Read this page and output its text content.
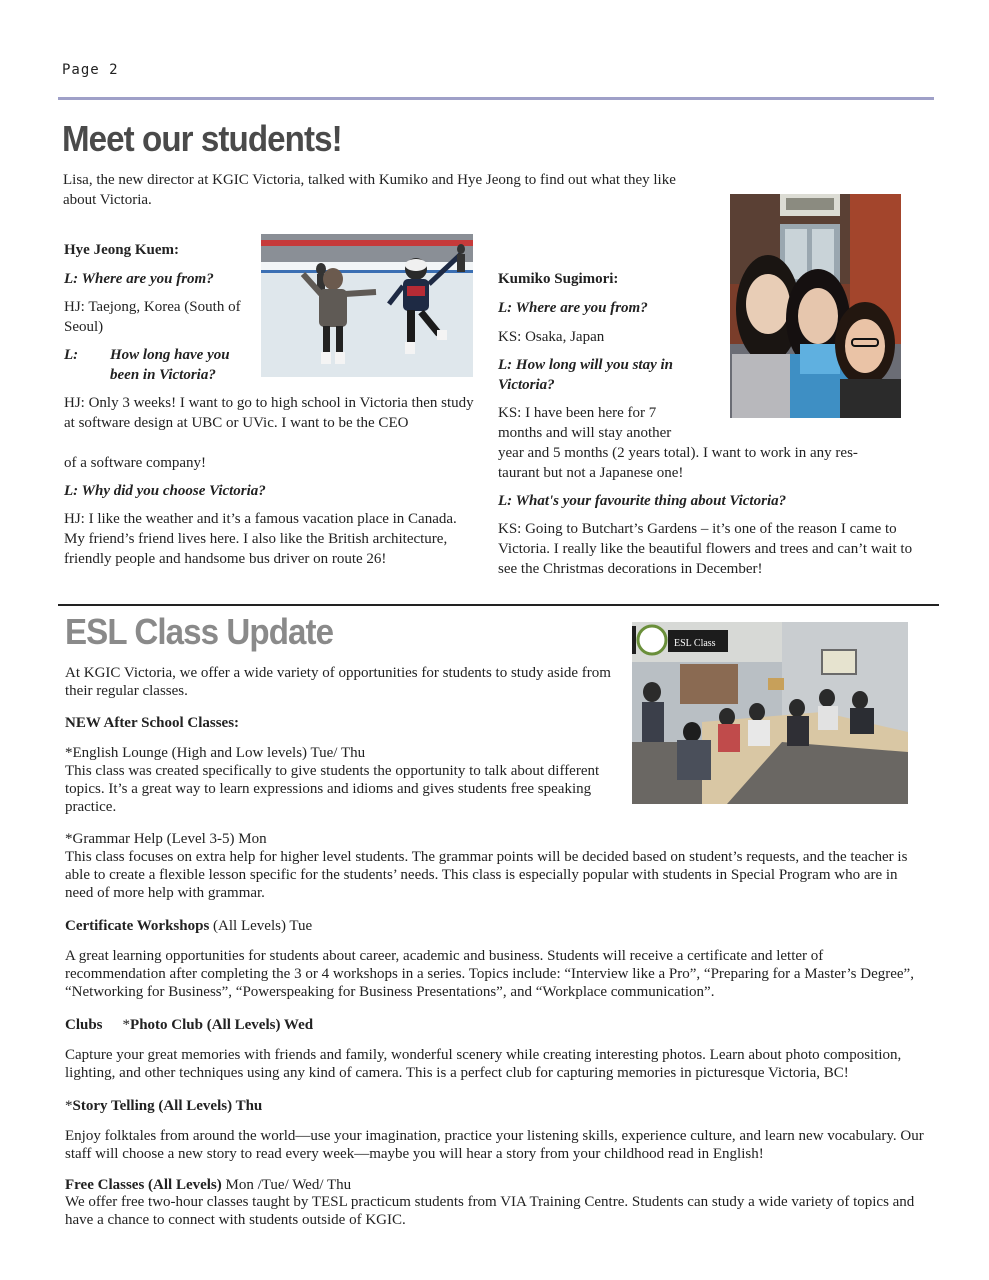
Page 2
Meet our students!

Lisa, the new director at KGIC Victoria, talked with Kumiko and Hye Jeong to find out what they like about Victoria.

Hye Jeong Kuem:

L: Where are you from?

HJ: Taejong, Korea (South of Seoul)

L: How long have you
been in Victoria?

HJ: Only 3 weeks! I want to go to high school in Victoria then study at software design at UBC or UVic. I want to be the CEO

of a software company!

L: Why did you choose Victoria?

HJ: I like the weather and it’s a famous vacation place in Canada. My friend’s friend lives here. I also like the British architecture, friendly people and handsome bus driver on route 26!

Kumiko Sugimori:

L: Where are you from?

KS: Osaka, Japan

L: How long will you stay in Victoria?

KS: I have been here for 7

months and will stay another

year and 5 months (2 years total). I want to work in any res-

taurant but not a Japanese one!

L: What's your favourite thing about Victoria?

KS: Going to Butchart’s Gardens – it’s one of the reason I came to Victoria. I really like the beautiful flowers and trees and can’t wait to see the Christmas decorations in December!

ESL Class Update	ESL Class

At KGIC Victoria, we offer a wide variety of opportunities for students to study aside from their regular classes.

NEW After School Classes:

*English Lounge (High and Low levels) Tue/ Thu

This class was created specifically to give students the opportunity to talk about different topics. It’s a great way to learn expressions and idioms and gives students free speaking practice.

*Grammar Help (Level 3-5) Mon

This class focuses on extra help for higher level students. The grammar points will be decided based on student’s requests, and the teacher is able to create a flexible lesson specific for the students’ needs. This class is especially popular with students in Special Program who are in need of more help with grammar.

Certificate Workshops (All Levels) Tue

A great learning opportunities for students about career, academic and business. Students will receive a certificate and letter of recommendation after completing the 3 or 4 workshops in a series. Topics include: “Interview like a Pro”, “Preparing for a Master’s Degree”, “Networking for Business”, “Powerspeaking for Business Presentations”, and “Workplace communication”.

Clubs *Photo Club (All Levels) Wed

Capture your great memories with friends and family, wonderful scenery while creating interesting photos. Learn about photo composition, lighting, and other techniques using any kind of camera. This is a perfect club for capturing memories in picturesque Victoria, BC!

*Story Telling (All Levels) Thu

Enjoy folktales from around the world—use your imagination, practice your listening skills, experience culture, and learn new vocabulary. Our staff will choose a new story to read every week—maybe you will hear a story from your childhood read in English!

Free Classes (All Levels) Mon /Tue/ Wed/ Thu

We offer free two-hour classes taught by TESL practicum students from VIA Training Centre. Students can study a wide variety of topics and have a chance to connect with students outside of KGIC.
